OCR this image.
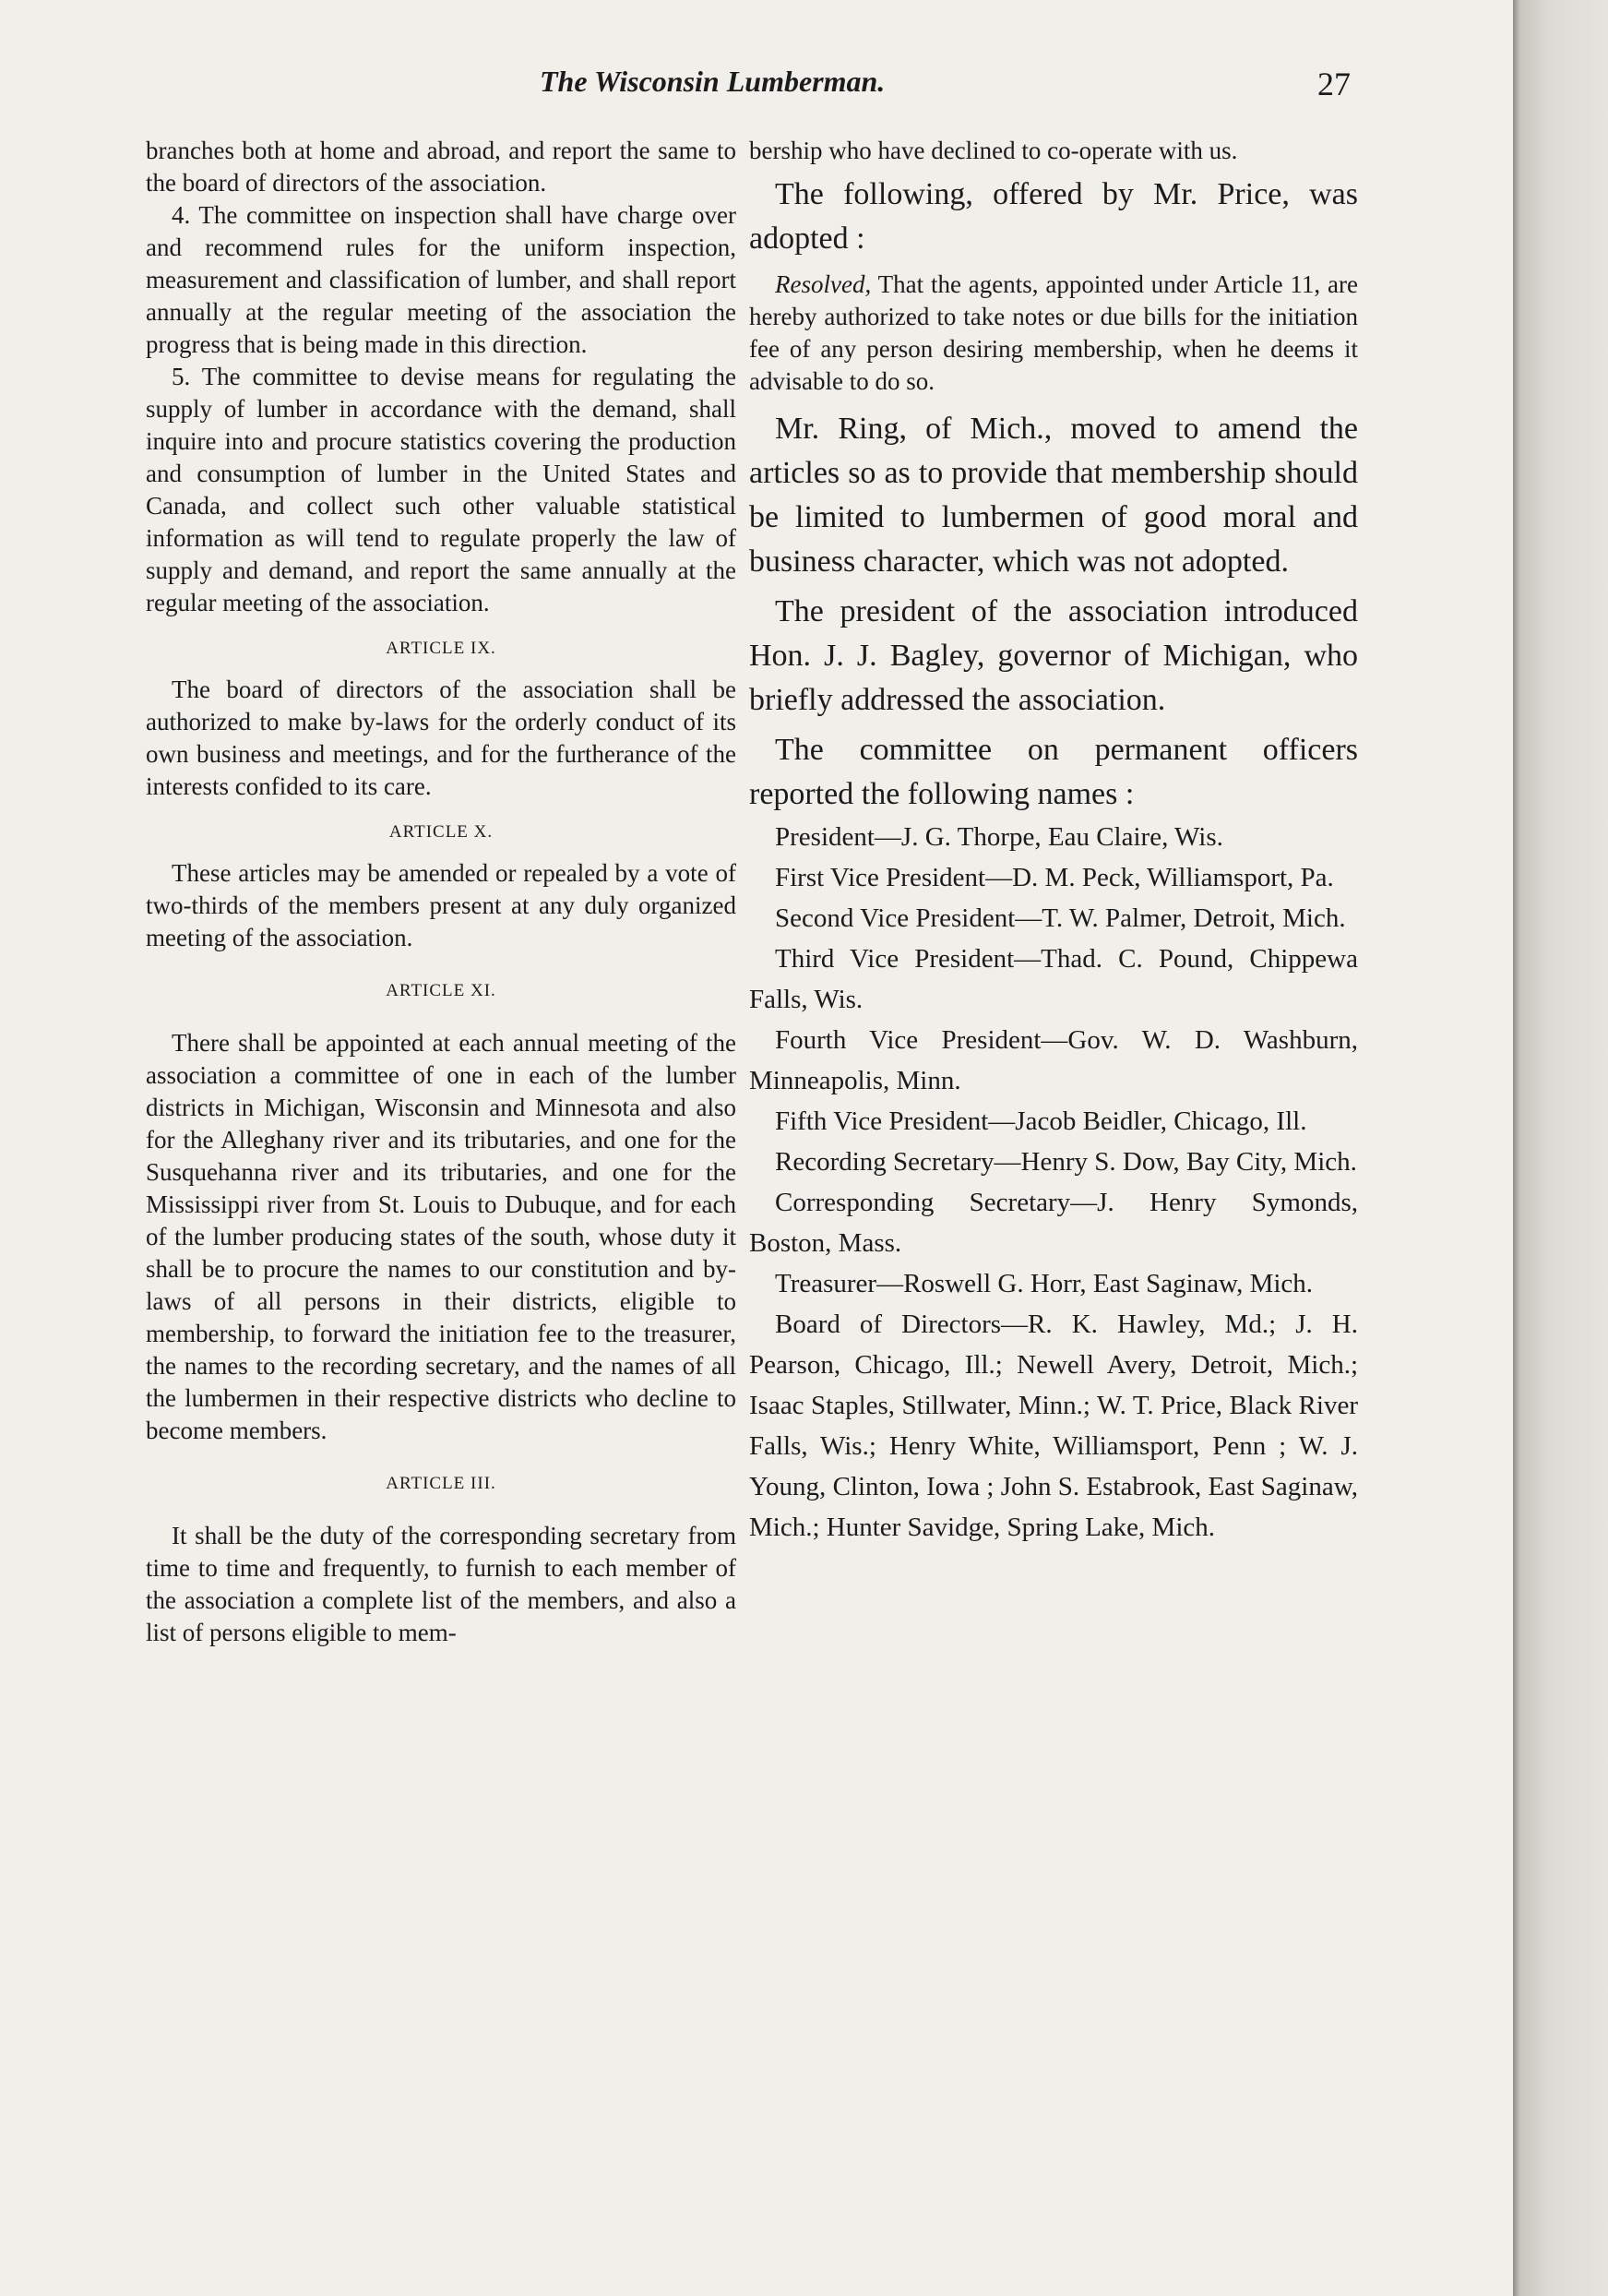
The Wisconsin Lumberman.	27

branches both at home and abroad, and report the same to the board of directors of the association.

4. The committee on inspection shall have charge over and recommend rules for the uniform inspection, measurement and classification of lumber, and shall report annually at the regular meeting of the association the progress that is being made in this direction.

5. The committee to devise means for regulating the supply of lumber in accordance with the demand, shall inquire into and procure statistics covering the production and consumption of lumber in the United States and Canada, and collect such other valuable statistical information as will tend to regulate properly the law of supply and demand, and report the same annually at the regular meeting of the association.

ARTICLE IX.

The board of directors of the association shall be authorized to make by-laws for the orderly conduct of its own business and meetings, and for the furtherance of the interests confided to its care.

ARTICLE X.

These articles may be amended or repealed by a vote of two-thirds of the members present at any duly organized meeting of the association.

ARTICLE XI.

There shall be appointed at each annual meeting of the association a committee of one in each of the lumber districts in Michigan, Wisconsin and Minnesota and also for the Alleghany river and its tributaries, and one for the Susquehanna river and its tributaries, and one for the Mississippi river from St. Louis to Dubuque, and for each of the lumber producing states of the south, whose duty it shall be to procure the names to our constitution and by-laws of all persons in their districts, eligible to membership, to forward the initiation fee to the treasurer, the names to the recording secretary, and the names of all the lumbermen in their respective districts who decline to become members.

ARTICLE III.

It shall be the duty of the corresponding secretary from time to time and frequently, to furnish to each member of the association a complete list of the members, and also a list of persons eligible to mem-

bership who have declined to co-operate with us.

The following, offered by Mr. Price, was adopted :

Resolved, That the agents, appointed under Article 11, are hereby authorized to take notes or due bills for the initiation fee of any person desiring membership, when he deems it advisable to do so.

Mr. Ring, of Mich., moved to amend the articles so as to provide that membership should be limited to lumbermen of good moral and business character, which was not adopted.

The president of the association introduced Hon. J. J. Bagley, governor of Michigan, who briefly addressed the association.

The committee on permanent officers reported the following names :

President—J. G. Thorpe, Eau Claire, Wis.

First Vice President—D. M. Peck, Williamsport, Pa.

Second Vice President—T. W. Palmer, Detroit, Mich.

Third Vice President—Thad. C. Pound, Chippewa Falls, Wis.

Fourth Vice President—Gov. W. D. Washburn, Minneapolis, Minn.

Fifth Vice President—Jacob Beidler, Chicago, Ill.

Recording Secretary—Henry S. Dow, Bay City, Mich.

Corresponding Secretary—J. Henry Symonds, Boston, Mass.

Treasurer—Roswell G. Horr, East Saginaw, Mich.

Board of Directors—R. K. Hawley, Md.; J. H. Pearson, Chicago, Ill.; Newell Avery, Detroit, Mich.; Isaac Staples, Stillwater, Minn.; W. T. Price, Black River Falls, Wis.; Henry White, Williamsport, Penn ; W. J. Young, Clinton, Iowa ; John S. Estabrook, East Saginaw, Mich.; Hunter Savidge, Spring Lake, Mich.
